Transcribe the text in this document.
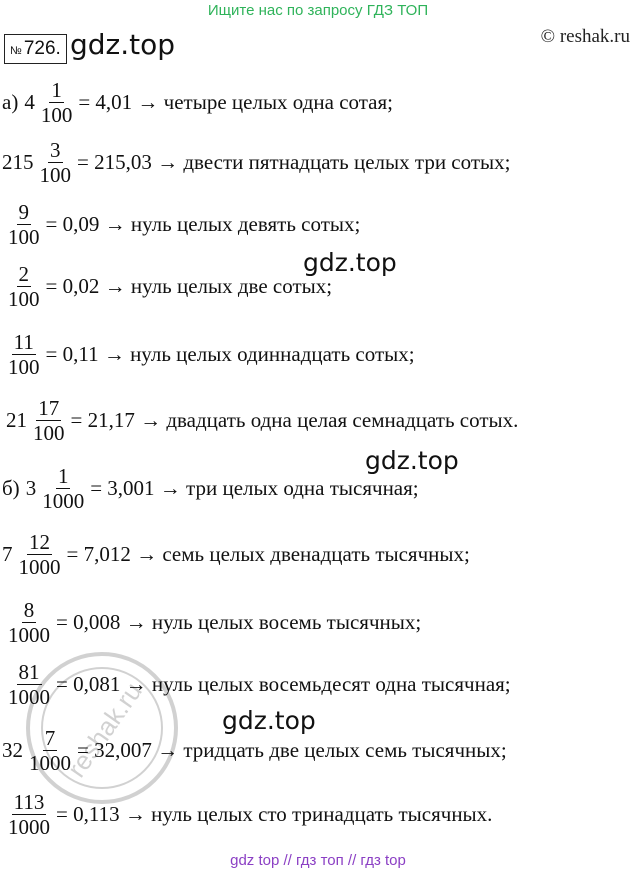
Ищите нас по запросу ГДЗ ТОП
№ 726. gdz.top	© reshak.ru
reshak.ru
а) $4 \frac{1}{100} = 4,01$ → четыре целых одна сотая;
$215 \frac{3}{100} = 215,03$ → двести пятнадцать целых три сотых;
$\frac{9}{100} = 0,09$ → нуль целых девять сотых;
$\frac{2}{100} = 0,02$ → нуль целых две сотых;
$\frac{11}{100} = 0,11$ → нуль целых одиннадцать сотых;
$21 \frac{17}{100} = 21,17$ → двадцать одна целая семнадцать сотых.
б) $3 \frac{1}{1000} = 3,001$ → три целых одна тысячная;
$7 \frac{12}{1000} = 7,012$ → семь целых двенадцать тысячных;
$\frac{8}{1000} = 0,008$ → нуль целых восемь тысячных;
$\frac{81}{1000} = 0,081$ → нуль целых восемьдесят одна тысячная;
$32 \frac{7}{1000} = 32,007$ → тридцать две целых семь тысячных;
$\frac{113}{1000} = 0,113$ → нуль целых сто тринадцать тысячных.
gdz.top
gdz.top
gdz.top
gdz top // гдз топ // гдз top
